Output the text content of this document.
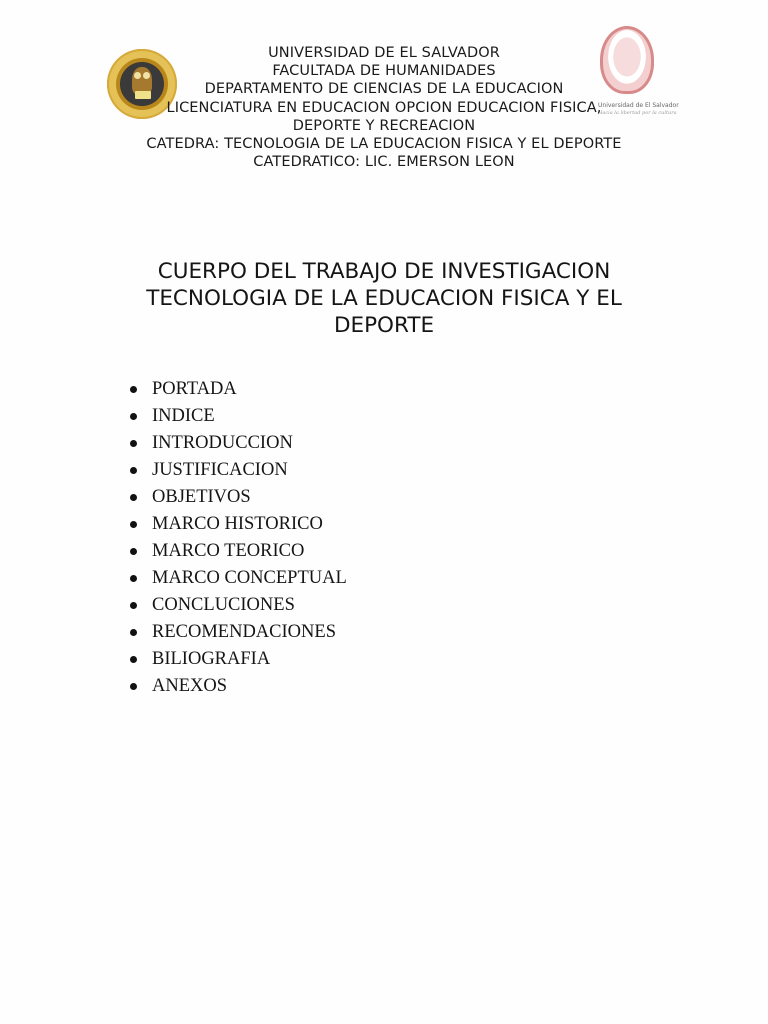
Universidad de El Salvador
Hacia la libertad por la cultura
UNIVERSIDAD DE EL SALVADOR
FACULTADA DE HUMANIDADES
DEPARTAMENTO DE CIENCIAS DE LA EDUCACION
LICENCIATURA EN EDUCACION OPCION EDUCACION FISICA,
DEPORTE Y RECREACION
CATEDRA: TECNOLOGIA DE LA EDUCACION FISICA Y EL DEPORTE
CATEDRATICO: LIC. EMERSON LEON
CUERPO DEL TRABAJO DE INVESTIGACION
TECNOLOGIA DE LA EDUCACION FISICA Y EL
DEPORTE
PORTADA
INDICE
INTRODUCCION
JUSTIFICACION
OBJETIVOS
MARCO HISTORICO
MARCO TEORICO
MARCO CONCEPTUAL
CONCLUCIONES
RECOMENDACIONES
BILIOGRAFIA
ANEXOS
